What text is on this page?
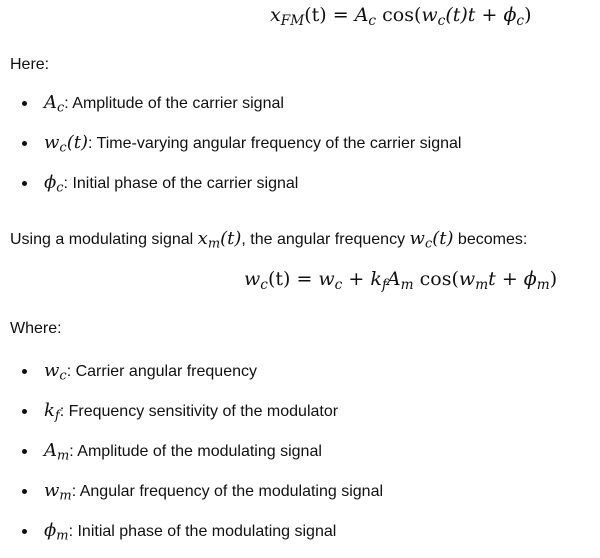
$x_{FM}(t) = A_c$ $\cos(w_c(t)t + \phi_c)$
Here:
$A_c$: Amplitude of the carrier signal
$w_c(t)$: Time-varying angular frequency of the carrier signal
$\phi_c$: Initial phase of the carrier signal
Using a modulating signal $x_m(t)$, the angular frequency $w_c(t)$ becomes:
$w_c(t) = w_c + k_fA_m$ $\cos(w_mt + \phi_m)$
Where:
$w_c$: Carrier angular frequency
$k_f$: Frequency sensitivity of the modulator
$A_m$: Amplitude of the modulating signal
$w_m$: Angular frequency of the modulating signal
$\phi_m$: Initial phase of the modulating signal
